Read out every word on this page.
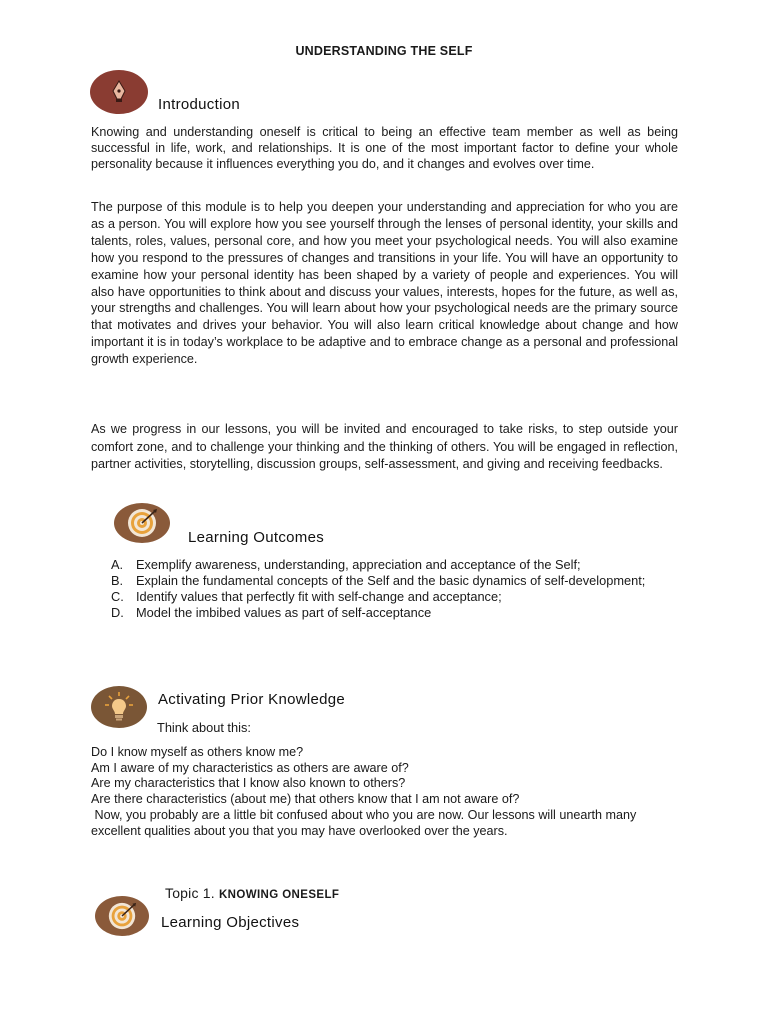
UNDERSTANDING THE SELF
Introduction

Knowing and understanding oneself is critical to being an effective team member as well as being successful in life, work, and relationships. It is one of the most important factor to define your whole personality because it influences everything you do, and it changes and evolves over time.

The purpose of this module is to help you deepen your understanding and appreciation for who you are as a person. You will explore how you see yourself through the lenses of personal identity, your skills and talents, roles, values, personal core, and how you meet your psychological needs. You will also examine how you respond to the pressures of changes and transitions in your life. You will have an opportunity to examine how your personal identity has been shaped by a variety of people and experiences. You will also have opportunities to think about and discuss your values, interests, hopes for the future, as well as, your strengths and challenges. You will learn about how your psychological needs are the primary source that motivates and drives your behavior. You will also learn critical knowledge about change and how important it is in today’s workplace to be adaptive and to embrace change as a personal and professional growth experience.

As we progress in our lessons, you will be invited and encouraged to take risks, to step outside your comfort zone, and to challenge your thinking and the thinking of others. You will be engaged in reflection, partner activities, storytelling, discussion groups, self-assessment, and giving and receiving feedbacks.

Learning Outcomes
A. Exemplify awareness, understanding, appreciation and acceptance of the Self;
B. Explain the fundamental concepts of the Self and the basic dynamics of self-development;
C. Identify values that perfectly fit with self-change and acceptance;
D. Model the imbibed values as part of self-acceptance
Activating Prior Knowledge
Think about this:
Do I know myself as others know me?
Am I aware of my characteristics as others are aware of?
Are my characteristics that I know also known to others?
Are there characteristics (about me) that others know that I am not aware of?

Now, you probably are a little bit confused about who you are now. Our lessons will unearth many excellent qualities about you that you may have overlooked over the years.

Topic 1. KNOWING ONESELF
Learning Objectives
